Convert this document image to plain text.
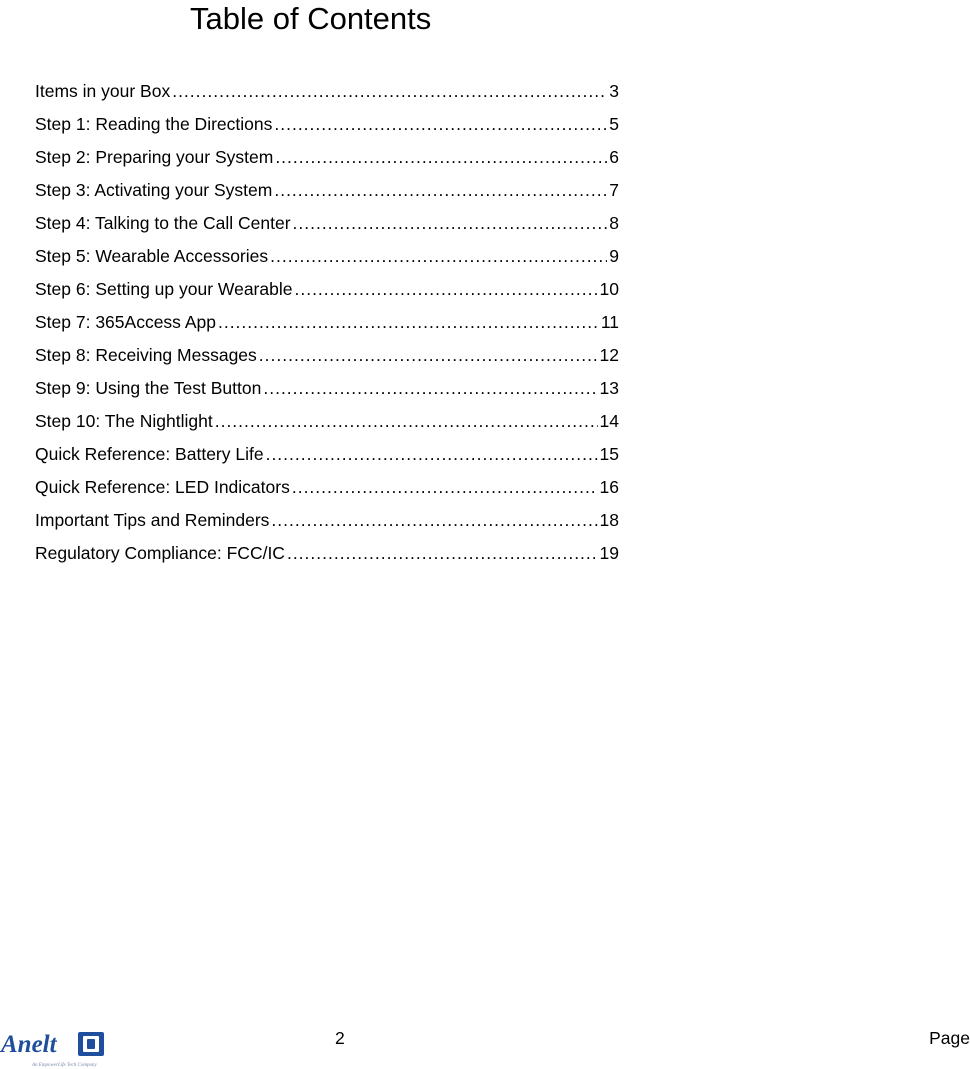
Table of Contents
Items in your Box .....	3
Step 1: Reading the Directions .....	5
Step 2: Preparing your System .....	6
Step 3: Activating your System .....	7
Step 4: Talking to the Call Center .....	8
Step 5: Wearable Accessories .....	9
Step 6: Setting up your Wearable .....	10
Step 7: 365Access App .....	11
Step 8: Receiving Messages .....	12
Step 9: Using the Test Button .....	13
Step 10: The Nightlight .....	14
Quick Reference: Battery Life .....	15
Quick Reference: LED Indicators .....	16
Important Tips and Reminders .....	18
Regulatory Compliance: FCC/IC .....	19
Anelt
An EmpowerLife Tech Company
2	Page
